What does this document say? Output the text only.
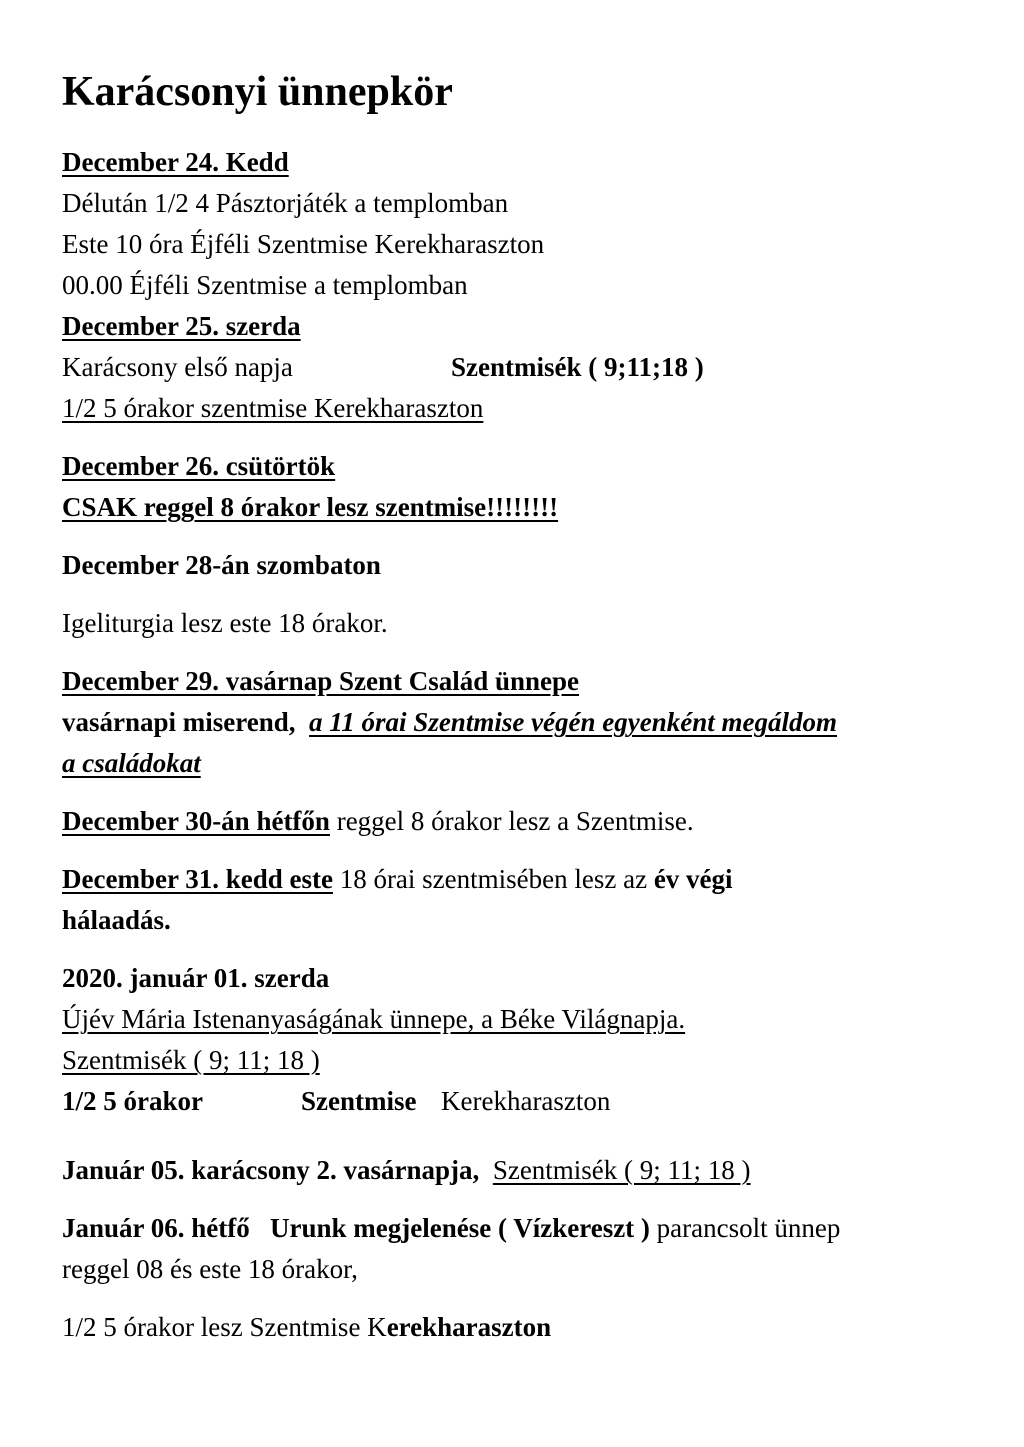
Karácsonyi ünnepkör

December 24. Kedd

Délután 1/2 4 Pásztorjáték a templomban

Este 10 óra Éjféli Szentmise Kerekharaszton

00.00 Éjféli Szentmise a templomban

December 25. szerda

Karácsony első napja	Szentmisék ( 9;11;18 )

1/2 5 órakor szentmise Kerekharaszton

December 26. csütörtök

CSAK reggel 8 órakor lesz szentmise!!!!!!!!

December 28-án szombaton

Igeliturgia lesz este 18 órakor.

December 29. vasárnap Szent Család ünnepe

vasárnapi miserend, a 11 órai Szentmise végén egyenként megáldom

a családokat

December 30-án hétfőn reggel 8 órakor lesz a Szentmise.

December 31. kedd este 18 órai szentmisében lesz az év végi

hálaadás.

2020. január 01. szerda

Újév Mária Istenanyaságának ünnepe, a Béke Világnapja.

Szentmisék ( 9; 11; 18 )

1/2 5 órakor	Szentmise Kerekharaszton

Január 05. karácsony 2. vasárnapja, Szentmisék ( 9; 11; 18 )

Január 06. hétfő Urunk megjelenése ( Vízkereszt ) parancsolt ünnep

reggel 08 és este 18 órakor,

1/2 5 órakor lesz Szentmise Kerekharaszton
